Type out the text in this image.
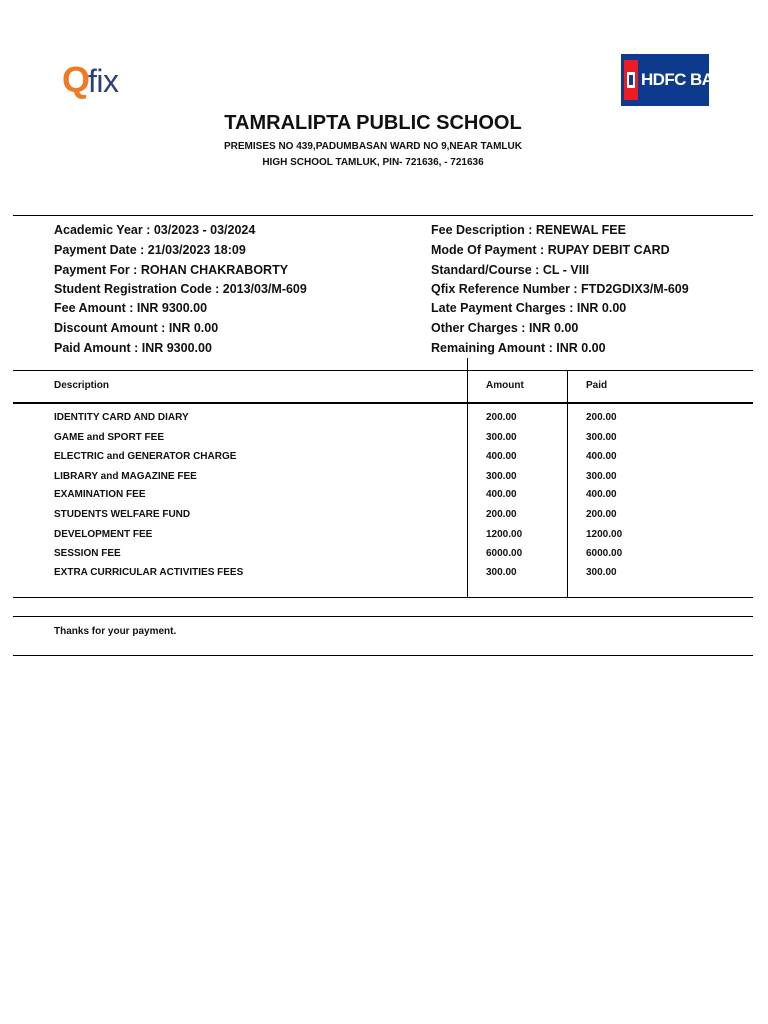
Q
fix	HDFC BANK
TAMRALIPTA PUBLIC SCHOOL
PREMISES NO 439,PADUMBASAN WARD NO 9,NEAR TAMLUK
HIGH SCHOOL TAMLUK, PIN- 721636, - 721636
Academic Year : 03/2023 - 03/2024
Payment Date : 21/03/2023 18:09
Payment For : ROHAN CHAKRABORTY
Student Registration Code : 2013/03/M-609
Fee Amount : INR 9300.00
Discount Amount : INR 0.00
Paid Amount : INR 9300.00
Fee Description : RENEWAL FEE
Mode Of Payment : RUPAY DEBIT CARD
Standard/Course : CL - VIII
Qfix Reference Number : FTD2GDIX3/M-609
Late Payment Charges : INR 0.00
Other Charges : INR 0.00
Remaining Amount : INR 0.00
Description	Amount	Paid
IDENTITY CARD AND DIARY	200.00	200.00
GAME and SPORT FEE	300.00	300.00
ELECTRIC and GENERATOR CHARGE	400.00	400.00
LIBRARY and MAGAZINE FEE	300.00	300.00
EXAMINATION FEE	400.00	400.00
STUDENTS WELFARE FUND	200.00	200.00
DEVELOPMENT FEE	1200.00	1200.00
SESSION FEE	6000.00	6000.00
EXTRA CURRICULAR ACTIVITIES FEES	300.00	300.00
Thanks for your payment.
